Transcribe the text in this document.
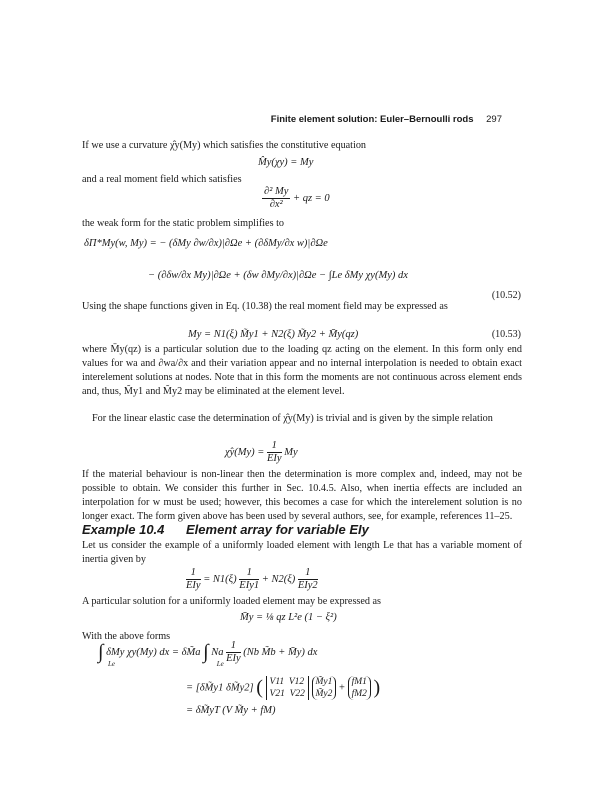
Finite element solution: Euler–Bernoulli rods 297
If we use a curvature χ̂y(My) which satisfies the constitutive equation
M̂y(χy) = My
and a real moment field which satisfies
$\frac{\text{∂² My}}{\text{∂x²}}$ + qz = 0
the weak form for the static problem simplifies to
δΠ*My(w, My) = − (δMy ∂w/∂x)|∂Ωe + (∂δMy/∂x w)|∂Ωe
− (∂δw/∂x My)|∂Ωe + (δw ∂My/∂x)|∂Ωe − ∫Le δMy χy(My) dx
(10.52)
Using the shape functions given in Eq. (10.38) the real moment field may be expressed as
My = N1(ξ) M̃y1 + N2(ξ) M̃y2 + M̄y(qz)	(10.53)
where M̄y(qz) is a particular solution due to the loading qz acting on the element. In this form only end values for wa and ∂wa/∂x and their variation appear and no internal interpolation is needed to obtain exact interelement solutions at nodes. Note that in this form the moments are not continuous across element ends and, thus, M̃y1 and M̃y2 may be eliminated at the element level.
For the linear elastic case the determination of χ̂y(My) is trivial and is given by the simple relation
χ̂y(My) = $\frac{1}{\text{EIy}}$ My
If the material behaviour is non-linear then the determination is more complex and, indeed, may not be possible to obtain. We consider this further in Sec. 10.4.5. Also, when inertia effects are included an interpolation for w must be used; however, this becomes a case for which the interelement solution is no longer exact. The form given above has been used by several authors, see, for example, references 11–25.
Example 10.4 Element array for variable EIy
Let us consider the example of a uniformly loaded element with length Le that has a variable moment of inertia given by
$\frac{1}{\text{EIy}} = N1(\xi) \frac{1}{\text{EIy1}} + N2(\xi) \frac{1}{\text{EIy2}}$
A particular solution for a uniformly loaded element may be expressed as
M̄y = ⅛ qz L²e (1 − ξ²)
With the above forms
∫ δMy χy(My) dx = δM̃a ∫ Na $\frac{1}{\text{EIy}} (Nb$ M̃b + M̄y) dx
Le	Le
= [δM̃y1 δM̃y2] ( V11 V12
V21 V22 M̃y1
M̃y2 + fM1
fM2 )
= δM̃yT (V M̃y + fM)
